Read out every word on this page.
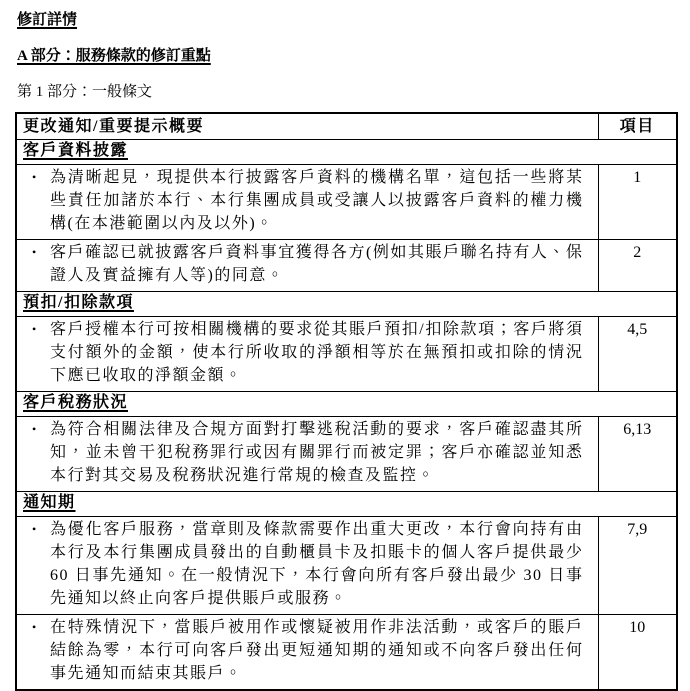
修訂詳情
A 部分：服務條款的修訂重點

第 1 部分：一般條文

更改通知/重要提示概要	項目
客戶資料披露	

• 為清晰起見，現提供本行披露客戶資料的機構名單，這包括一些將某些責任加諸於本行、本行集團成員或受讓人以披露客戶資料的權力機構(在本港範圍以內及以外)。	1

• 客戶確認已就披露客戶資料事宜獲得各方(例如其賬戶聯名持有人、保證人及實益擁有人等)的同意。	2
預扣/扣除款項	

• 客戶授權本行可按相關機構的要求從其賬戶預扣/扣除款項；客戶將須支付額外的金額，使本行所收取的淨額相等於在無預扣或扣除的情況下應已收取的淨額金額。	4,5
客戶稅務狀況	

• 為符合相關法律及合規方面對打擊逃稅活動的要求，客戶確認盡其所知，並未曾干犯稅務罪行或因有關罪行而被定罪；客戶亦確認並知悉本行對其交易及稅務狀況進行常規的檢查及監控。	6,13
通知期	

• 為優化客戶服務，當章則及條款需要作出重大更改，本行會向持有由本行及本行集團成員發出的自動櫃員卡及扣賬卡的個人客戶提供最少 60 日事先通知。在一般情況下，本行會向所有客戶發出最少 30 日事先通知以終止向客戶提供賬戶或服務。	7,9

• 在特殊情況下，當賬戶被用作或懷疑被用作非法活動，或客戶的賬戶結餘為零，本行可向客戶發出更短通知期的通知或不向客戶發出任何事先通知而結束其賬戶。	10
